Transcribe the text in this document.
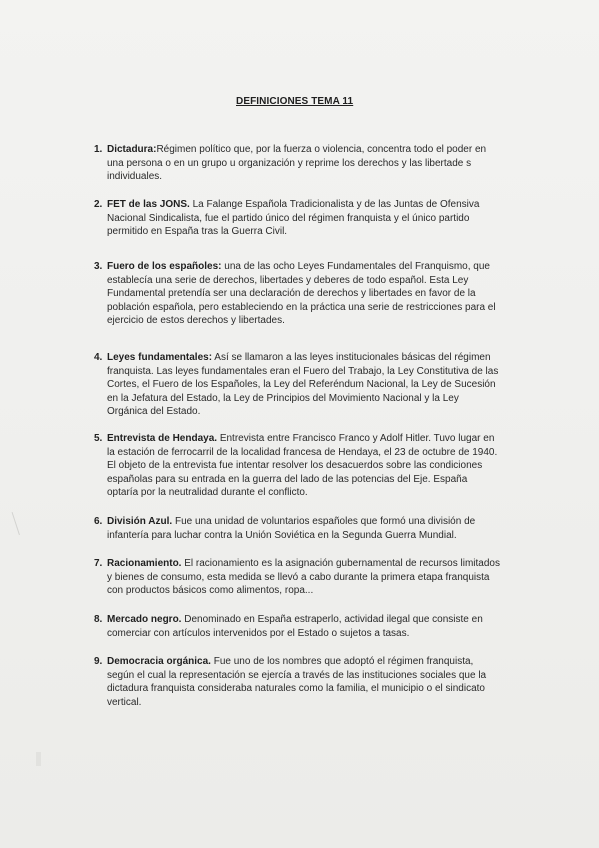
DEFINICIONES TEMA 11
1. Dictadura:Régimen político que, por la fuerza o violencia, concentra todo el poder en una persona o en un grupo u organización y reprime los derechos y las libertade s individuales.
2. FET de las JONS. La Falange Española Tradicionalista y de las Juntas de Ofensiva Nacional Sindicalista, fue el partido único del régimen franquista y el único partido permitido en España tras la Guerra Civil.
3. Fuero de los españoles: una de las ocho Leyes Fundamentales del Franquismo, que establecía una serie de derechos, libertades y deberes de todo español. Esta Ley Fundamental pretendía ser una declaración de derechos y libertades en favor de la población española, pero estableciendo en la práctica una serie de restricciones para el ejercicio de estos derechos y libertades.
4. Leyes fundamentales: Así se llamaron a las leyes institucionales básicas del régimen franquista. Las leyes fundamentales eran el Fuero del Trabajo, la Ley Constitutiva de las Cortes, el Fuero de los Españoles, la Ley del Referéndum Nacional, la Ley de Sucesión en la Jefatura del Estado, la Ley de Principios del Movimiento Nacional y la Ley Orgánica del Estado.
5. Entrevista de Hendaya. Entrevista entre Francisco Franco y Adolf Hitler. Tuvo lugar en la estación de ferrocarril de la localidad francesa de Hendaya, el 23 de octubre de 1940. El objeto de la entrevista fue intentar resolver los desacuerdos sobre las condiciones españolas para su entrada en la guerra del lado de las potencias del Eje. España optaría por la neutralidad durante el conflicto.
6. División Azul. Fue una unidad de voluntarios españoles que formó una división de infantería para luchar contra la Unión Soviética en la Segunda Guerra Mundial.
7. Racionamiento. El racionamiento es la asignación gubernamental de recursos limitados y bienes de consumo, esta medida se llevó a cabo durante la primera etapa franquista con productos básicos como alimentos, ropa...
8. Mercado negro. Denominado en España estraperlo, actividad ilegal que consiste en comerciar con artículos intervenidos por el Estado o sujetos a tasas.
9. Democracia orgánica. Fue uno de los nombres que adoptó el régimen franquista, según el cual la representación se ejercía a través de las instituciones sociales que la dictadura franquista consideraba naturales como la familia, el municipio o el sindicato vertical.
